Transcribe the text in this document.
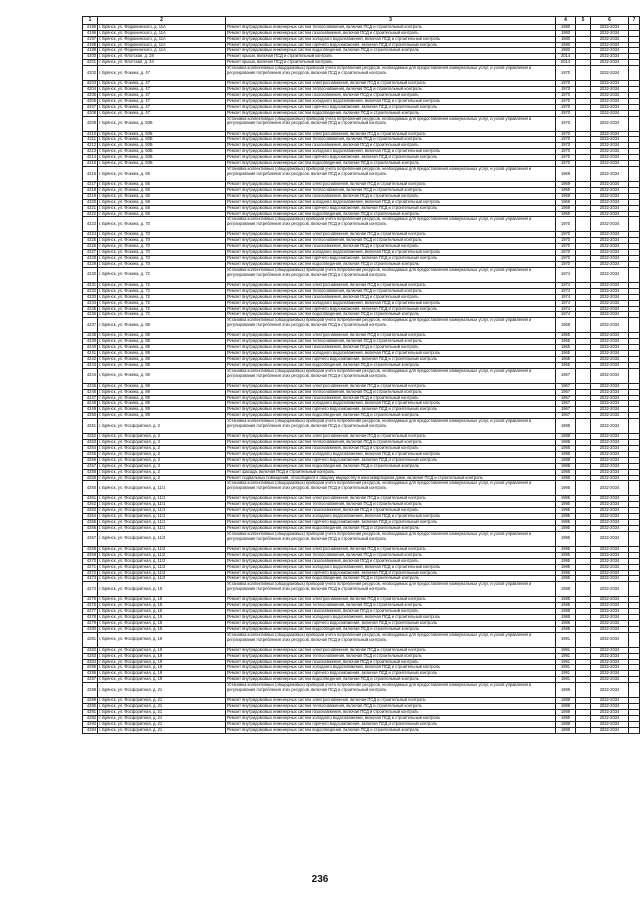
1	2	3	4	5	6	7
4195	г. Брянск, ул. Федюнинского, д. 11А	Ремонт внутридомовых инженерных систем теплоснабжения, включая ПСД и строительный контроль	1980		2032-2034	
4196	г. Брянск, ул. Федюнинского, д. 11А	Ремонт внутридомовых инженерных систем газоснабжения, включая ПСД и строительный контроль	1980		2032-2034	
4197	г. Брянск, ул. Федюнинского, д. 11А	Ремонт внутридомовых инженерных систем холодного водоснабжения, включая ПСД и строительный контроль	1980		2032-2034	
4198	г. Брянск, ул. Федюнинского, д. 11А	Ремонт внутридомовых инженерных систем горячего водоснабжения, включая ПСД и строительный контроль	1980		2032-2034	
4199	г. Брянск, ул. Федюнинского, д. 11А	Ремонт внутридомовых инженерных систем водоотведения, включая ПСД и строительный контроль	1980		2032-2034	
4200	г. Брянск, ул. Флотская, д. 28	Ремонт крыши, включая ПСД и строительный контроль	2014		2032-2034	
4201	г. Брянск, ул. Флотская, д. 34	Ремонт крыши, включая ПСД и строительный контроль	2014		2032-2034	
4202	г. Брянск, ул. Фокина, д. 47	Установка коллективных (общедомовых) приборов учета потребления ресурсов, необходимых для предоставления коммунальных услуг, и узлов управления и регулирования потребления этих ресурсов, включая ПСД и строительный контроль	1970		2032-2034	
4203	г. Брянск, ул. Фокина, д. 47	Ремонт внутридомовых инженерных систем электроснабжения, включая ПСД и строительный контроль	1970		2032-2034	
4204	г. Брянск, ул. Фокина, д. 47	Ремонт внутридомовых инженерных систем теплоснабжения, включая ПСД и строительный контроль	1970		2032-2034	
4205	г. Брянск, ул. Фокина, д. 47	Ремонт внутридомовых инженерных систем газоснабжения, включая ПСД и строительный контроль	1970		2032-2034	
4206	г. Брянск, ул. Фокина, д. 47	Ремонт внутридомовых инженерных систем холодного водоснабжения, включая ПСД и строительный контроль	1970		2032-2034	
4207	г. Брянск, ул. Фокина, д. 47	Ремонт внутридомовых инженерных систем горячего водоснабжения, включая ПСД и строительный контроль	1970		2032-2034	
4208	г. Брянск, ул. Фокина, д. 47	Ремонт внутридомовых инженерных систем водоотведения, включая ПСД и строительный контроль	1970		2032-2034	
4209	г. Брянск, ул. Фокина, д. 50Б	Установка коллективных (общедомовых) приборов учета потребления ресурсов, необходимых для предоставления коммунальных услуг, и узлов управления и регулирования потребления этих ресурсов, включая ПСД и строительный контроль	1970		2032-2034	
4210	г. Брянск, ул. Фокина, д. 50Б	Ремонт внутридомовых инженерных систем электроснабжения, включая ПСД и строительный контроль	1970		2032-2034	
4211	г. Брянск, ул. Фокина, д. 50Б	Ремонт внутридомовых инженерных систем теплоснабжения, включая ПСД и строительный контроль	1970		2032-2034	
4212	г. Брянск, ул. Фокина, д. 50Б	Ремонт внутридомовых инженерных систем газоснабжения, включая ПСД и строительный контроль	1970		2032-2034	
4213	г. Брянск, ул. Фокина, д. 50Б	Ремонт внутридомовых инженерных систем холодного водоснабжения, включая ПСД и строительный контроль	1970		2032-2034	
4214	г. Брянск, ул. Фокина, д. 50Б	Ремонт внутридомовых инженерных систем горячего водоснабжения, включая ПСД и строительный контроль	1970		2032-2034	
4215	г. Брянск, ул. Фокина, д. 50Б	Ремонт внутридомовых инженерных систем водоотведения, включая ПСД и строительный контроль	1970		2032-2034	
4216	г. Брянск, ул. Фокина, д. 68	Установка коллективных (общедомовых) приборов учета потребления ресурсов, необходимых для предоставления коммунальных услуг, и узлов управления и регулирования потребления этих ресурсов, включая ПСД и строительный контроль	1969		2032-2034	
4217	г. Брянск, ул. Фокина, д. 68	Ремонт внутридомовых инженерных систем электроснабжения, включая ПСД и строительный контроль	1969		2032-2034	
4218	г. Брянск, ул. Фокина, д. 68	Ремонт внутридомовых инженерных систем теплоснабжения, включая ПСД и строительный контроль	1969		2032-2034	
4219	г. Брянск, ул. Фокина, д. 68	Ремонт внутридомовых инженерных систем газоснабжения, включая ПСД и строительный контроль	1969		2032-2034	
4220	г. Брянск, ул. Фокина, д. 68	Ремонт внутридомовых инженерных систем холодного водоснабжения, включая ПСД и строительный контроль	1969		2032-2034	
4221	г. Брянск, ул. Фокина, д. 68	Ремонт внутридомовых инженерных систем горячего водоснабжения, включая ПСД и строительный контроль	1969		2032-2034	
4222	г. Брянск, ул. Фокина, д. 68	Ремонт внутридомовых инженерных систем водоотведения, включая ПСД и строительный контроль	1969		2032-2034	
4223	г. Брянск, ул. Фокина, д. 70	Установка коллективных (общедомовых) приборов учета потребления ресурсов, необходимых для предоставления коммунальных услуг, и узлов управления и регулирования потребления этих ресурсов, включая ПСД и строительный контроль	1970		2032-2034	
4224	г. Брянск, ул. Фокина, д. 70	Ремонт внутридомовых инженерных систем электроснабжения, включая ПСД и строительный контроль	1970		2032-2034	
4225	г. Брянск, ул. Фокина, д. 70	Ремонт внутридомовых инженерных систем теплоснабжения, включая ПСД и строительный контроль	1970		2032-2034	
4226	г. Брянск, ул. Фокина, д. 70	Ремонт внутридомовых инженерных систем газоснабжения, включая ПСД и строительный контроль	1970		2032-2034	
4227	г. Брянск, ул. Фокина, д. 70	Ремонт внутридомовых инженерных систем холодного водоснабжения, включая ПСД и строительный контроль	1970		2032-2034	
4228	г. Брянск, ул. Фокина, д. 70	Ремонт внутридомовых инженерных систем горячего водоснабжения, включая ПСД и строительный контроль	1970		2032-2034	
4229	г. Брянск, ул. Фокина, д. 70	Ремонт внутридомовых инженерных систем водоотведения, включая ПСД и строительный контроль	1970		2032-2034	
4230	г. Брянск, ул. Фокина, д. 72	Установка коллективных (общедомовых) приборов учета потребления ресурсов, необходимых для предоставления коммунальных услуг, и узлов управления и регулирования потребления этих ресурсов, включая ПСД и строительный контроль	1974		2032-2034	
4231	г. Брянск, ул. Фокина, д. 72	Ремонт внутридомовых инженерных систем электроснабжения, включая ПСД и строительный контроль	1974		2032-2034	
4232	г. Брянск, ул. Фокина, д. 72	Ремонт внутридомовых инженерных систем теплоснабжения, включая ПСД и строительный контроль	1974		2032-2034	
4233	г. Брянск, ул. Фокина, д. 72	Ремонт внутридомовых инженерных систем газоснабжения, включая ПСД и строительный контроль	1974		2032-2034	
4234	г. Брянск, ул. Фокина, д. 72	Ремонт внутридомовых инженерных систем холодного водоснабжения, включая ПСД и строительный контроль	1974		2032-2034	
4235	г. Брянск, ул. Фокина, д. 72	Ремонт внутридомовых инженерных систем горячего водоснабжения, включая ПСД и строительный контроль	1974		2032-2034	
4236	г. Брянск, ул. Фокина, д. 72	Ремонт внутридомовых инженерных систем водоотведения, включая ПСД и строительный контроль	1974		2032-2034	
4237	г. Брянск, ул. Фокина, д. 88	Установка коллективных (общедомовых) приборов учета потребления ресурсов, необходимых для предоставления коммунальных услуг, и узлов управления и регулирования потребления этих ресурсов, включая ПСД и строительный контроль	1965		2032-2034	
4238	г. Брянск, ул. Фокина, д. 88	Ремонт внутридомовых инженерных систем электроснабжения, включая ПСД и строительный контроль	1965		2032-2034	
4239	г. Брянск, ул. Фокина, д. 88	Ремонт внутридомовых инженерных систем теплоснабжения, включая ПСД и строительный контроль	1965		2032-2034	
4240	г. Брянск, ул. Фокина, д. 88	Ремонт внутридомовых инженерных систем газоснабжения, включая ПСД и строительный контроль	1965		2032-2034	
4241	г. Брянск, ул. Фокина, д. 88	Ремонт внутридомовых инженерных систем холодного водоснабжения, включая ПСД и строительный контроль	1965		2032-2034	
4242	г. Брянск, ул. Фокина, д. 88	Ремонт внутридомовых инженерных систем горячего водоснабжения, включая ПСД и строительный контроль	1965		2032-2034	
4243	г. Брянск, ул. Фокина, д. 88	Ремонт внутридомовых инженерных систем водоотведения, включая ПСД и строительный контроль	1965		2032-2034	
4244	г. Брянск, ул. Фокина, д. 89	Установка коллективных (общедомовых) приборов учета потребления ресурсов, необходимых для предоставления коммунальных услуг, и узлов управления и регулирования потребления этих ресурсов, включая ПСД и строительный контроль	1967		2032-2034	
4245	г. Брянск, ул. Фокина, д. 89	Ремонт внутридомовых инженерных систем электроснабжения, включая ПСД и строительный контроль	1967		2032-2034	
4246	г. Брянск, ул. Фокина, д. 89	Ремонт внутридомовых инженерных систем теплоснабжения, включая ПСД и строительный контроль	1967		2032-2034	
4247	г. Брянск, ул. Фокина, д. 89	Ремонт внутридомовых инженерных систем газоснабжения, включая ПСД и строительный контроль	1967		2032-2034	
4248	г. Брянск, ул. Фокина, д. 89	Ремонт внутридомовых инженерных систем холодного водоснабжения, включая ПСД и строительный контроль	1967		2032-2034	
4249	г. Брянск, ул. Фокина, д. 89	Ремонт внутридомовых инженерных систем горячего водоснабжения, включая ПСД и строительный контроль	1967		2032-2034	
4250	г. Брянск, ул. Фокина, д. 89	Ремонт внутридомовых инженерных систем водоотведения, включая ПСД и строительный контроль	1967		2032-2034	
4251	г. Брянск, ул. Фосфоритная, д. 3	Установка коллективных (общедомовых) приборов учета потребления ресурсов, необходимых для предоставления коммунальных услуг, и узлов управления и регулирования потребления этих ресурсов, включая ПСД и строительный контроль	1988		2032-2034	
4252	г. Брянск, ул. Фосфоритная, д. 3	Ремонт внутридомовых инженерных систем электроснабжения, включая ПСД и строительный контроль	1988		2032-2034	
4253	г. Брянск, ул. Фосфоритная, д. 3	Ремонт внутридомовых инженерных систем теплоснабжения, включая ПСД и строительный контроль	1988		2032-2034	
4254	г. Брянск, ул. Фосфоритная, д. 3	Ремонт внутридомовых инженерных систем газоснабжения, включая ПСД и строительный контроль	1988		2032-2034	
4255	г. Брянск, ул. Фосфоритная, д. 3	Ремонт внутридомовых инженерных систем холодного водоснабжения, включая ПСД и строительный контроль	1988		2032-2034	
4256	г. Брянск, ул. Фосфоритная, д. 3	Ремонт внутридомовых инженерных систем горячего водоснабжения, включая ПСД и строительный контроль	1988		2032-2034	
4257	г. Брянск, ул. Фосфоритная, д. 3	Ремонт внутридомовых инженерных систем водоотведения, включая ПСД и строительный контроль	1988		2032-2034	
4258	г. Брянск, ул. Фосфоритная, д. 3	Ремонт фасада, включая ПСД и строительный контроль	1988		2032-2034	
4259	г. Брянск, ул. Фосфоритная, д. 3	Ремонт подвальных помещений, относящихся к общему имуществу в многоквартирном доме, включая ПСД и строительный контроль	1988		2032-2034	
4260	г. Брянск, ул. Фосфоритная, д. 11/1	Установка коллективных (общедомовых) приборов учета потребления ресурсов, необходимых для предоставления коммунальных услуг, и узлов управления и регулирования потребления этих ресурсов, включая ПСД и строительный контроль	1995		2032-2034	
4261	г. Брянск, ул. Фосфоритная, д. 11/1	Ремонт внутридомовых инженерных систем электроснабжения, включая ПСД и строительный контроль	1995		2032-2034	
4262	г. Брянск, ул. Фосфоритная, д. 11/1	Ремонт внутридомовых инженерных систем теплоснабжения, включая ПСД и строительный контроль	1995		2032-2034	
4263	г. Брянск, ул. Фосфоритная, д. 11/1	Ремонт внутридомовых инженерных систем газоснабжения, включая ПСД и строительный контроль	1995		2032-2034	
4264	г. Брянск, ул. Фосфоритная, д. 11/1	Ремонт внутридомовых инженерных систем холодного водоснабжения, включая ПСД и строительный контроль	1995		2032-2034	
4265	г. Брянск, ул. Фосфоритная, д. 11/1	Ремонт внутридомовых инженерных систем горячего водоснабжения, включая ПСД и строительный контроль	1995		2032-2034	
4266	г. Брянск, ул. Фосфоритная, д. 11/1	Ремонт внутридомовых инженерных систем водоотведения, включая ПСД и строительный контроль	1995		2032-2034	
4267	г. Брянск, ул. Фосфоритная, д. 11/2	Установка коллективных (общедомовых) приборов учета потребления ресурсов, необходимых для предоставления коммунальных услуг, и узлов управления и регулирования потребления этих ресурсов, включая ПСД и строительный контроль	1995		2032-2034	
4268	г. Брянск, ул. Фосфоритная, д. 11/2	Ремонт внутридомовых инженерных систем электроснабжения, включая ПСД и строительный контроль	1995		2032-2034	
4269	г. Брянск, ул. Фосфоритная, д. 11/2	Ремонт внутридомовых инженерных систем теплоснабжения, включая ПСД и строительный контроль	1995		2032-2034	
4270	г. Брянск, ул. Фосфоритная, д. 11/2	Ремонт внутридомовых инженерных систем газоснабжения, включая ПСД и строительный контроль	1995		2032-2034	
4271	г. Брянск, ул. Фосфоритная, д. 11/2	Ремонт внутридомовых инженерных систем холодного водоснабжения, включая ПСД и строительный контроль	1995		2032-2034	
4272	г. Брянск, ул. Фосфоритная, д. 11/2	Ремонт внутридомовых инженерных систем горячего водоснабжения, включая ПСД и строительный контроль	1995		2032-2034	
4273	г. Брянск, ул. Фосфоритная, д. 11/2	Ремонт внутридомовых инженерных систем водоотведения, включая ПСД и строительный контроль	1995		2032-2034	
4274	г. Брянск, ул. Фосфоритная, д. 15	Установка коллективных (общедомовых) приборов учета потребления ресурсов, необходимых для предоставления коммунальных услуг, и узлов управления и регулирования потребления этих ресурсов, включая ПСД и строительный контроль	1988		2032-2034	
4275	г. Брянск, ул. Фосфоритная, д. 15	Ремонт внутридомовых инженерных систем электроснабжения, включая ПСД и строительный контроль	1988		2032-2034	
4276	г. Брянск, ул. Фосфоритная, д. 15	Ремонт внутридомовых инженерных систем теплоснабжения, включая ПСД и строительный контроль	1988		2032-2034	
4277	г. Брянск, ул. Фосфоритная, д. 15	Ремонт внутридомовых инженерных систем газоснабжения, включая ПСД и строительный контроль	1988		2032-2034	
4278	г. Брянск, ул. Фосфоритная, д. 15	Ремонт внутридомовых инженерных систем холодного водоснабжения, включая ПСД и строительный контроль	1988		2032-2034	
4279	г. Брянск, ул. Фосфоритная, д. 15	Ремонт внутридомовых инженерных систем горячего водоснабжения, включая ПСД и строительный контроль	1988		2032-2034	
4280	г. Брянск, ул. Фосфоритная, д. 15	Ремонт внутридомовых инженерных систем водоотведения, включая ПСД и строительный контроль	1988		2032-2034	
4281	г. Брянск, ул. Фосфоритная, д. 19	Установка коллективных (общедомовых) приборов учета потребления ресурсов, необходимых для предоставления коммунальных услуг, и узлов управления и регулирования потребления этих ресурсов, включая ПСД и строительный контроль	1991		2032-2034	
4282	г. Брянск, ул. Фосфоритная, д. 19	Ремонт внутридомовых инженерных систем электроснабжения, включая ПСД и строительный контроль	1991		2032-2034	
4283	г. Брянск, ул. Фосфоритная, д. 19	Ремонт внутридомовых инженерных систем теплоснабжения, включая ПСД и строительный контроль	1991		2032-2034	
4284	г. Брянск, ул. Фосфоритная, д. 19	Ремонт внутридомовых инженерных систем газоснабжения, включая ПСД и строительный контроль	1991		2032-2034	
4285	г. Брянск, ул. Фосфоритная, д. 19	Ремонт внутридомовых инженерных систем холодного водоснабжения, включая ПСД и строительный контроль	1991		2032-2034	
4286	г. Брянск, ул. Фосфоритная, д. 19	Ремонт внутридомовых инженерных систем горячего водоснабжения, включая ПСД и строительный контроль	1991		2032-2034	
4287	г. Брянск, ул. Фосфоритная, д. 19	Ремонт внутридомовых инженерных систем водоотведения, включая ПСД и строительный контроль	1991		2032-2034	
4288	г. Брянск, ул. Фосфоритная, д. 21	Установка коллективных (общедомовых) приборов учета потребления ресурсов, необходимых для предоставления коммунальных услуг, и узлов управления и регулирования потребления этих ресурсов, включая ПСД и строительный контроль	1989		2032-2034	
4289	г. Брянск, ул. Фосфоритная, д. 21	Ремонт внутридомовых инженерных систем электроснабжения, включая ПСД и строительный контроль	1989		2032-2034	
4290	г. Брянск, ул. Фосфоритная, д. 21	Ремонт внутридомовых инженерных систем теплоснабжения, включая ПСД и строительный контроль	1989		2032-2034	
4291	г. Брянск, ул. Фосфоритная, д. 21	Ремонт внутридомовых инженерных систем газоснабжения, включая ПСД и строительный контроль	1989		2032-2034	
4292	г. Брянск, ул. Фосфоритная, д. 21	Ремонт внутридомовых инженерных систем холодного водоснабжения, включая ПСД и строительный контроль	1989		2032-2034	
4293	г. Брянск, ул. Фосфоритная, д. 21	Ремонт внутридомовых инженерных систем горячего водоснабжения, включая ПСД и строительный контроль	1989		2032-2034	
4294	г. Брянск, ул. Фосфоритная, д. 21	Ремонт внутридомовых инженерных систем водоотведения, включая ПСД и строительный контроль	1989		2032-2034	
236
